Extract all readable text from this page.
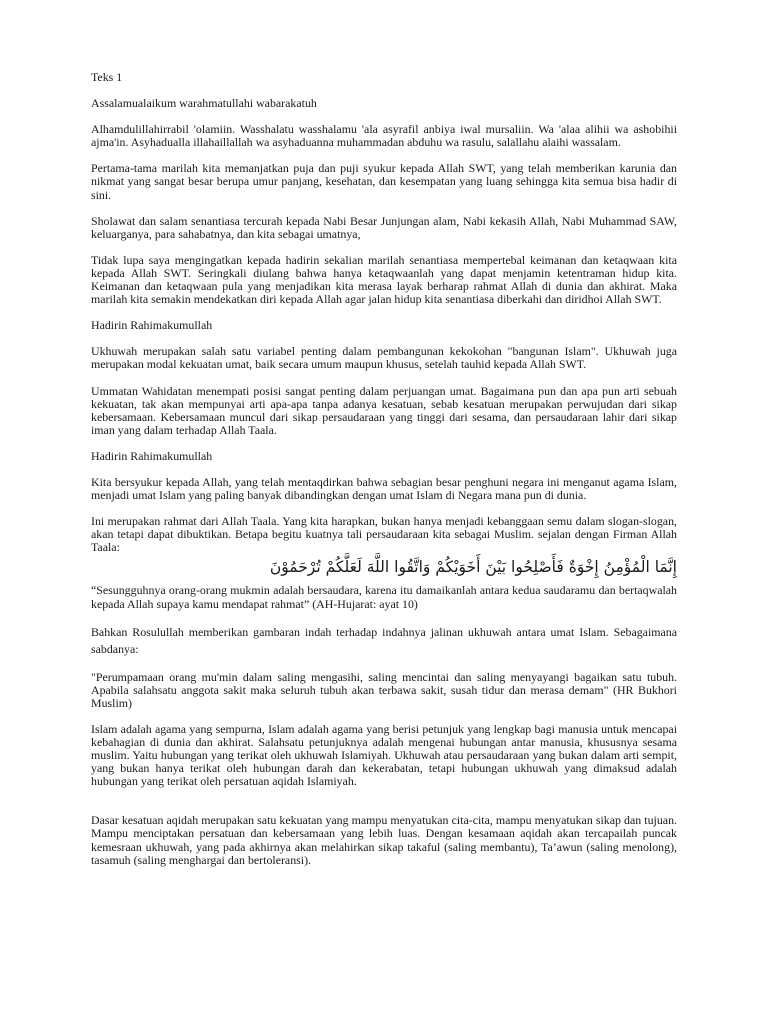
Teks 1

Assalamualaikum warahmatullahi wabarakatuh

Alhamdulillahirrabil 'olamiin. Wasshalatu wasshalamu 'ala asyrafil anbiya iwal mursaliin. Wa 'alaa alihii wa ashobihii ajma'in. Asyhadualla illahaillallah wa asyhaduanna muhammadan abduhu wa rasulu, salallahu alaihi wassalam.

Pertama-tama marilah kita memanjatkan puja dan puji syukur kepada Allah SWT, yang telah memberikan karunia dan nikmat yang sangat besar berupa umur panjang, kesehatan, dan kesempatan yang luang sehingga kita semua bisa hadir di sini.

Sholawat dan salam senantiasa tercurah kepada Nabi Besar Junjungan alam, Nabi kekasih Allah, Nabi Muhammad SAW, keluarganya, para sahabatnya, dan kita sebagai umatnya,

Tidak lupa saya mengingatkan kepada hadirin sekalian marilah senantiasa mempertebal keimanan dan ketaqwaan kita kepada Allah SWT. Seringkali diulang bahwa hanya ketaqwaanlah yang dapat menjamin ketentraman hidup kita. Keimanan dan ketaqwaan pula yang menjadikan kita merasa layak berharap rahmat Allah di dunia dan akhirat. Maka marilah kita semakin mendekatkan diri kepada Allah agar jalan hidup kita senantiasa diberkahi dan diridhoi Allah SWT.

Hadirin Rahimakumullah

Ukhuwah merupakan salah satu variabel penting dalam pembangunan kekokohan "bangunan Islam". Ukhuwah juga merupakan modal kekuatan umat, baik secara umum maupun khusus, setelah tauhid kepada Allah SWT.

Ummatan Wahidatan menempati posisi sangat penting dalam perjuangan umat. Bagaimana pun dan apa pun arti sebuah kekuatan, tak akan mempunyai arti apa-apa tanpa adanya kesatuan, sebab kesatuan merupakan perwujudan dari sikap kebersamaan. Kebersamaan muncul dari sikap persaudaraan yang tinggi dari sesama, dan persaudaraan lahir dari sikap iman yang dalam terhadap Allah Taala.

Hadirin Rahimakumullah

Kita bersyukur kepada Allah, yang telah mentaqdirkan bahwa sebagian besar penghuni negara ini menganut agama Islam, menjadi umat Islam yang paling banyak dibandingkan dengan umat Islam di Negara mana pun di dunia.

Ini merupakan rahmat dari Allah Taala. Yang kita harapkan, bukan hanya menjadi kebanggaan semu dalam slogan-slogan, akan tetapi dapat dibuktikan. Betapa begitu kuatnya tali persaudaraan kita sebagai Muslim. sejalan dengan Firman Allah Taala:

إِنَّمَا الْمُؤْمِنُ إِخْوَةٌ فَأَصْلِحُوا بَيْنَ أَخَوَيْكُمْ وَاتَّقُوا اللَّهَ لَعَلَّكُمْ تُرْحَمُوْنَ

“Sesungguhnya orang-orang mukmin adalah bersaudara, karena itu damaikanlah antara kedua saudaramu dan bertaqwalah kepada Allah supaya kamu mendapat rahmat” (AH-Hujarat: ayat 10)

Bahkan Rosulullah memberikan gambaran indah terhadap indahnya jalinan ukhuwah antara umat Islam. Sebagaimana sabdanya:

"Perumpamaan orang mu'min dalam saling mengasihi, saling mencintai dan saling menyayangi bagaikan satu tubuh. Apabila salahsatu anggota sakit maka seluruh tubuh akan terbawa sakit, susah tidur dan merasa demam" (HR Bukhori Muslim)

Islam adalah agama yang sempurna, Islam adalah agama yang berisi petunjuk yang lengkap bagi manusia untuk mencapai kebahagian di dunia dan akhirat. Salahsatu petunjuknya adalah mengenai hubungan antar manusia, khususnya sesama muslim. Yaitu hubungan yang terikat oleh ukhuwah Islamiyah. Ukhuwah atau persaudaraan yang bukan dalam arti sempit, yang bukan hanya terikat oleh hubungan darah dan kekerabatan, tetapi hubungan ukhuwah yang dimaksud adalah hubungan yang terikat oleh persatuan aqidah Islamiyah.

Dasar kesatuan aqidah merupakan satu kekuatan yang mampu menyatukan cita-cita, mampu menyatukan sikap dan tujuan. Mampu menciptakan persatuan dan kebersamaan yang lebih luas. Dengan kesamaan aqidah akan tercapailah puncak kemesraan ukhuwah, yang pada akhirnya akan melahirkan sikap takaful (saling membantu), Ta’awun (saling menolong), tasamuh (saling menghargai dan bertoleransi).
